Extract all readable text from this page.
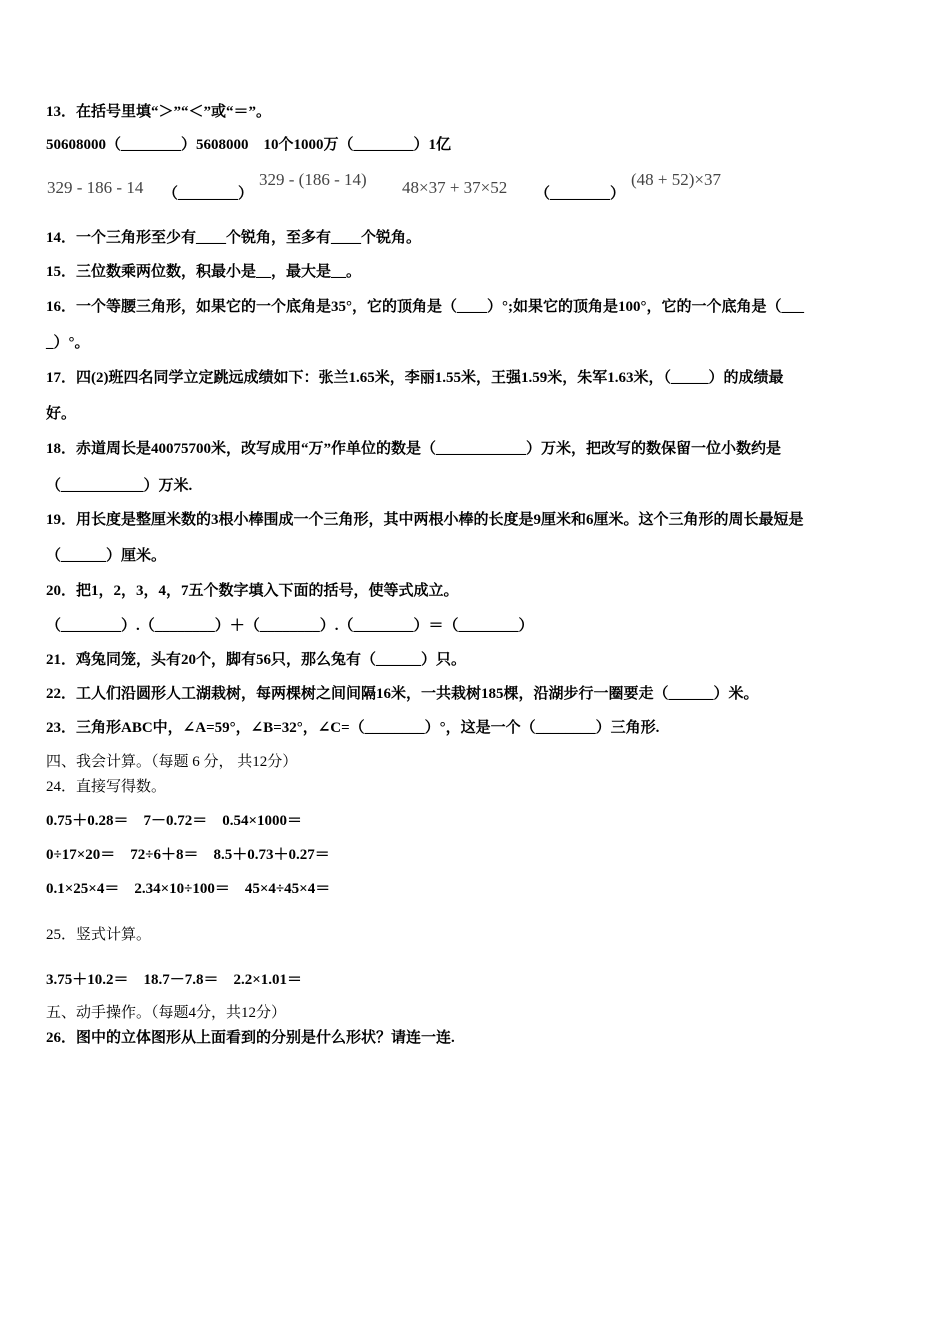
13．在括号里填“＞”“＜”或“＝”。
50608000（________）5608000　10个1000万（________）1亿
329 - 186 - 14 （________）
329 - (186 - 14) 48×37 + 37×52 （________）
(48 + 52)×37
14．一个三角形至少有____个锐角，至多有____个锐角。
15．三位数乘两位数，积最小是__，最大是__。
16．一个等腰三角形，如果它的一个底角是35°，它的顶角是（____）°;如果它的顶角是100°，它的一个底角是（___
_）°。
17．四(2)班四名同学立定跳远成绩如下：张兰1.65米，李丽1.55米，王强1.59米，朱军1.63米，（_____）的成绩最
好。
18．赤道周长是40075700米，改写成用“万”作单位的数是（____________）万米，把改写的数保留一位小数约是
（___________）万米.
19．用长度是整厘米数的3根小棒围成一个三角形，其中两根小棒的长度是9厘米和6厘米。这个三角形的周长最短是
（______）厘米。
20．把1，2，3，4，7五个数字填入下面的括号，使等式成立。
（________）.（________）＋（________）.（________）＝（________）
21．鸡兔同笼，头有20个，脚有56只，那么兔有（______）只。
22．工人们沿圆形人工湖栽树，每两棵树之间间隔16米，一共栽树185棵，沿湖步行一圈要走（______）米。
23．三角形ABC中，∠A=59°，∠B=32°，∠C=（________）°，这是一个（________）三角形.
四、我会计算。（每题 6 分， 共12分）
24．直接写得数。
0.75＋0.28＝　7－0.72＝　0.54×1000＝
0÷17×20＝　72÷6＋8＝　8.5＋0.73＋0.27＝
0.1×25×4＝　2.34×10÷100＝　45×4÷45×4＝
25．竖式计算。
3.75＋10.2＝　18.7－7.8＝　2.2×1.01＝
五、动手操作。（每题4分，共12分）
26．图中的立体图形从上面看到的分别是什么形状？请连一连.
